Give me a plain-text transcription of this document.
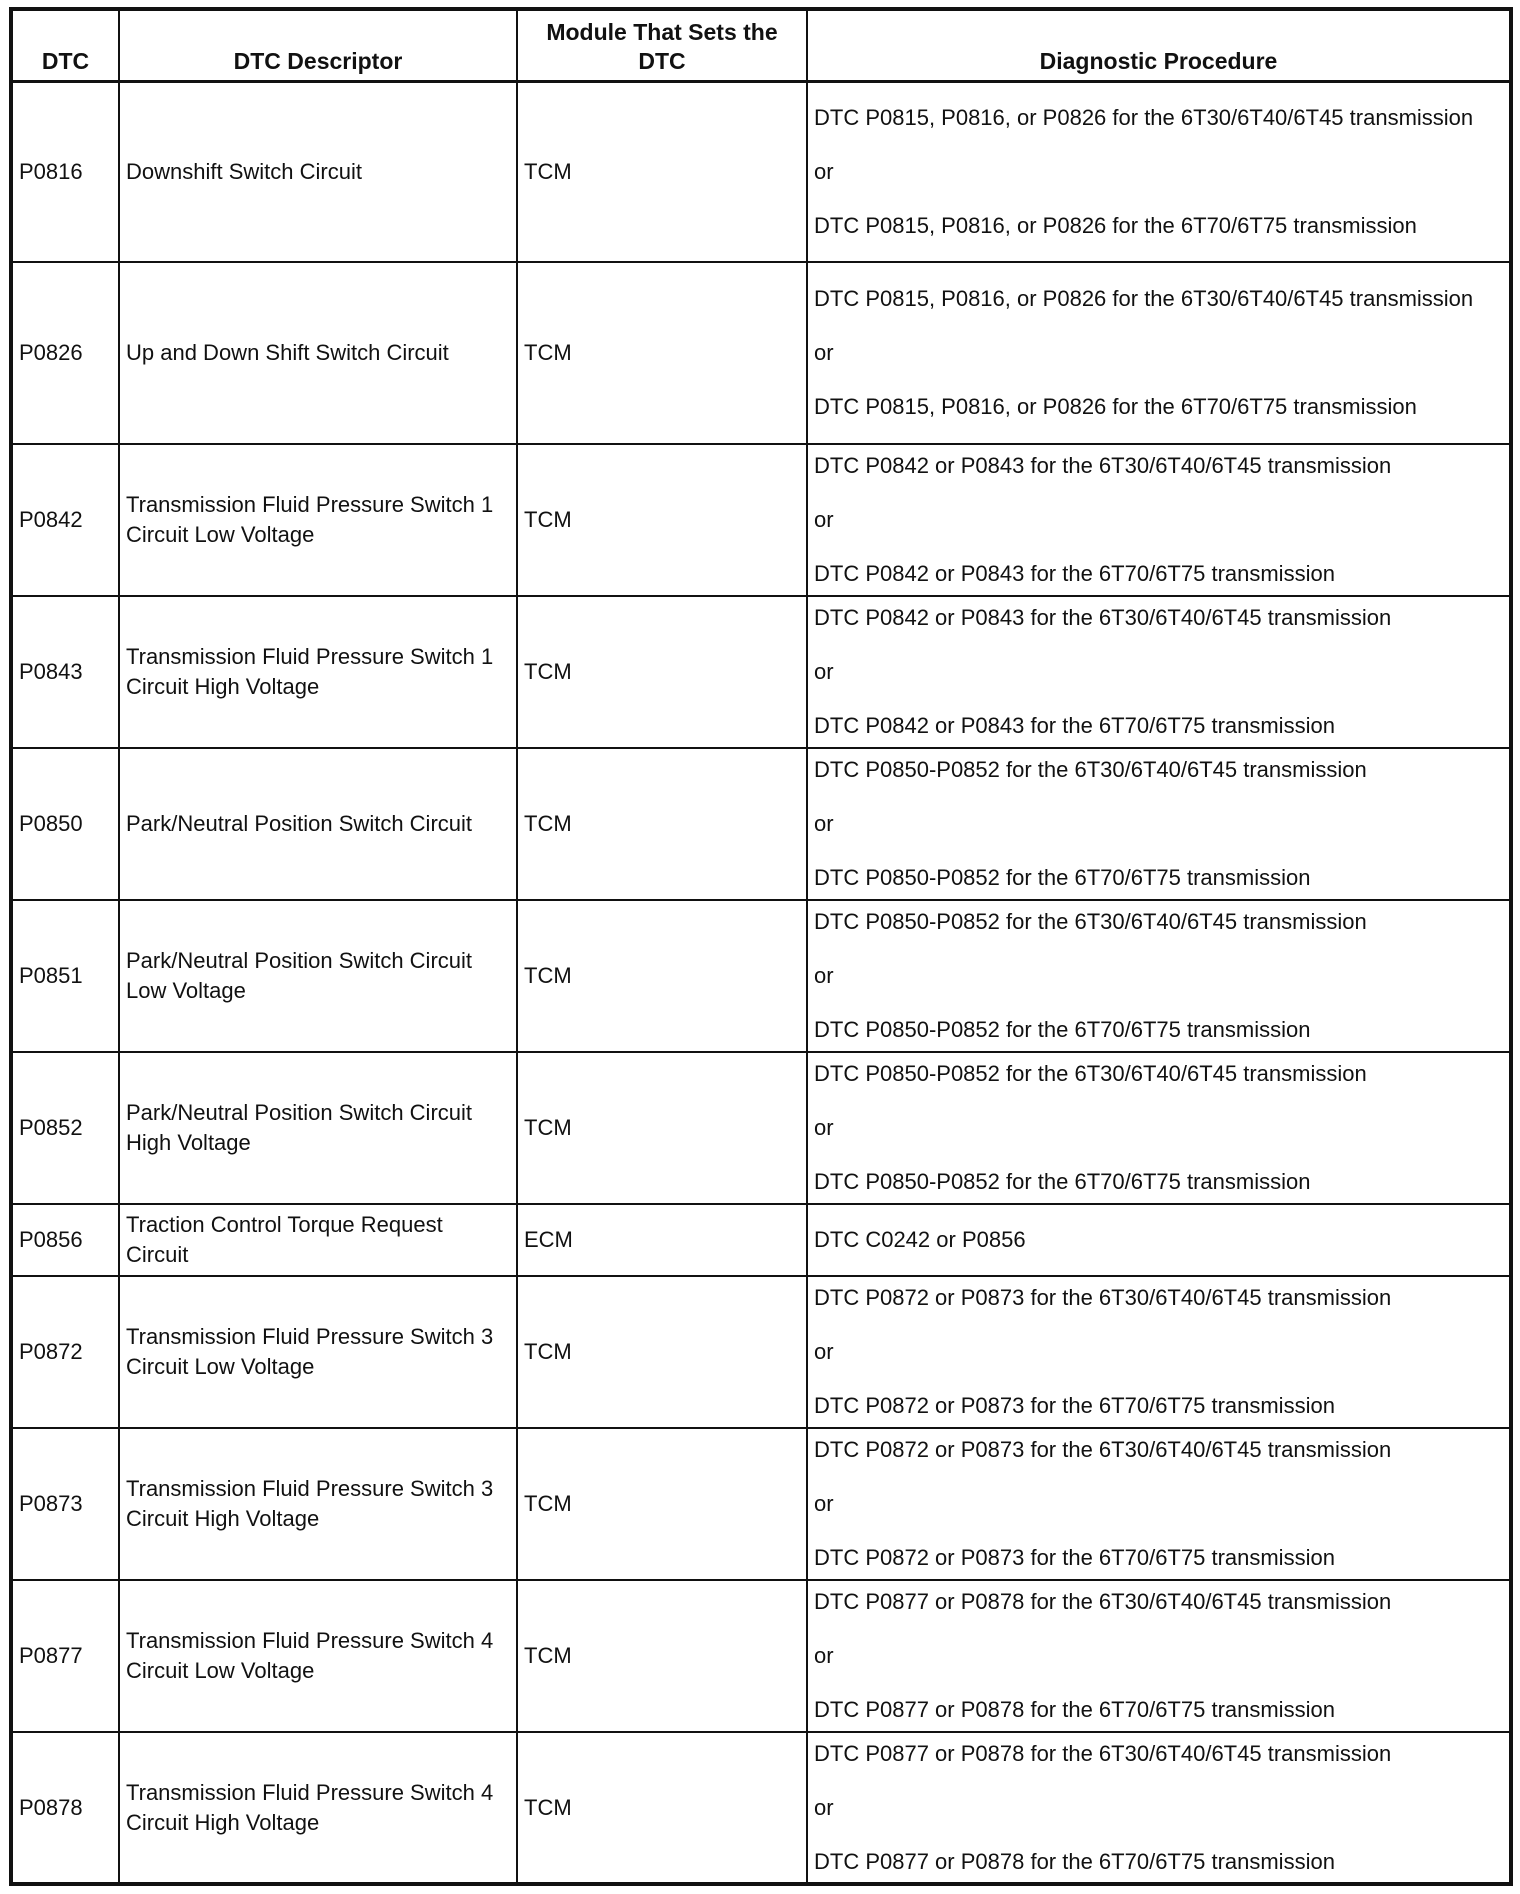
DTC	DTC Descriptor	Module That Sets the DTC	Diagnostic Procedure
P0816	Downshift Switch Circuit	TCM	DTC P0815, P0816, or P0826 for the 6T30/6T40/6T45 transmission
or
DTC P0815, P0816, or P0826 for the 6T70/6T75 transmission

P0826	Up and Down Shift Switch Circuit	TCM	DTC P0815, P0816, or P0826 for the 6T30/6T40/6T45 transmission
or
DTC P0815, P0816, or P0826 for the 6T70/6T75 transmission

P0842	Transmission Fluid Pressure Switch 1 Circuit Low Voltage	TCM	DTC P0842 or P0843 for the 6T30/6T40/6T45 transmission
or
DTC P0842 or P0843 for the 6T70/6T75 transmission

P0843	Transmission Fluid Pressure Switch 1 Circuit High Voltage	TCM	DTC P0842 or P0843 for the 6T30/6T40/6T45 transmission
or
DTC P0842 or P0843 for the 6T70/6T75 transmission

P0850	Park/Neutral Position Switch Circuit	TCM	DTC P0850-P0852 for the 6T30/6T40/6T45 transmission
or
DTC P0850-P0852 for the 6T70/6T75 transmission

P0851	Park/Neutral Position Switch Circuit Low Voltage	TCM	DTC P0850-P0852 for the 6T30/6T40/6T45 transmission
or
DTC P0850-P0852 for the 6T70/6T75 transmission

P0852	Park/Neutral Position Switch Circuit High Voltage	TCM	DTC P0850-P0852 for the 6T30/6T40/6T45 transmission
or
DTC P0850-P0852 for the 6T70/6T75 transmission

P0856	Traction Control Torque Request Circuit	ECM	DTC C0242 or P0856

P0872	Transmission Fluid Pressure Switch 3 Circuit Low Voltage	TCM	DTC P0872 or P0873 for the 6T30/6T40/6T45 transmission
or
DTC P0872 or P0873 for the 6T70/6T75 transmission

P0873	Transmission Fluid Pressure Switch 3 Circuit High Voltage	TCM	DTC P0872 or P0873 for the 6T30/6T40/6T45 transmission
or
DTC P0872 or P0873 for the 6T70/6T75 transmission

P0877	Transmission Fluid Pressure Switch 4 Circuit Low Voltage	TCM	DTC P0877 or P0878 for the 6T30/6T40/6T45 transmission
or
DTC P0877 or P0878 for the 6T70/6T75 transmission

P0878	Transmission Fluid Pressure Switch 4 Circuit High Voltage	TCM	DTC P0877 or P0878 for the 6T30/6T40/6T45 transmission
or
DTC P0877 or P0878 for the 6T70/6T75 transmission
